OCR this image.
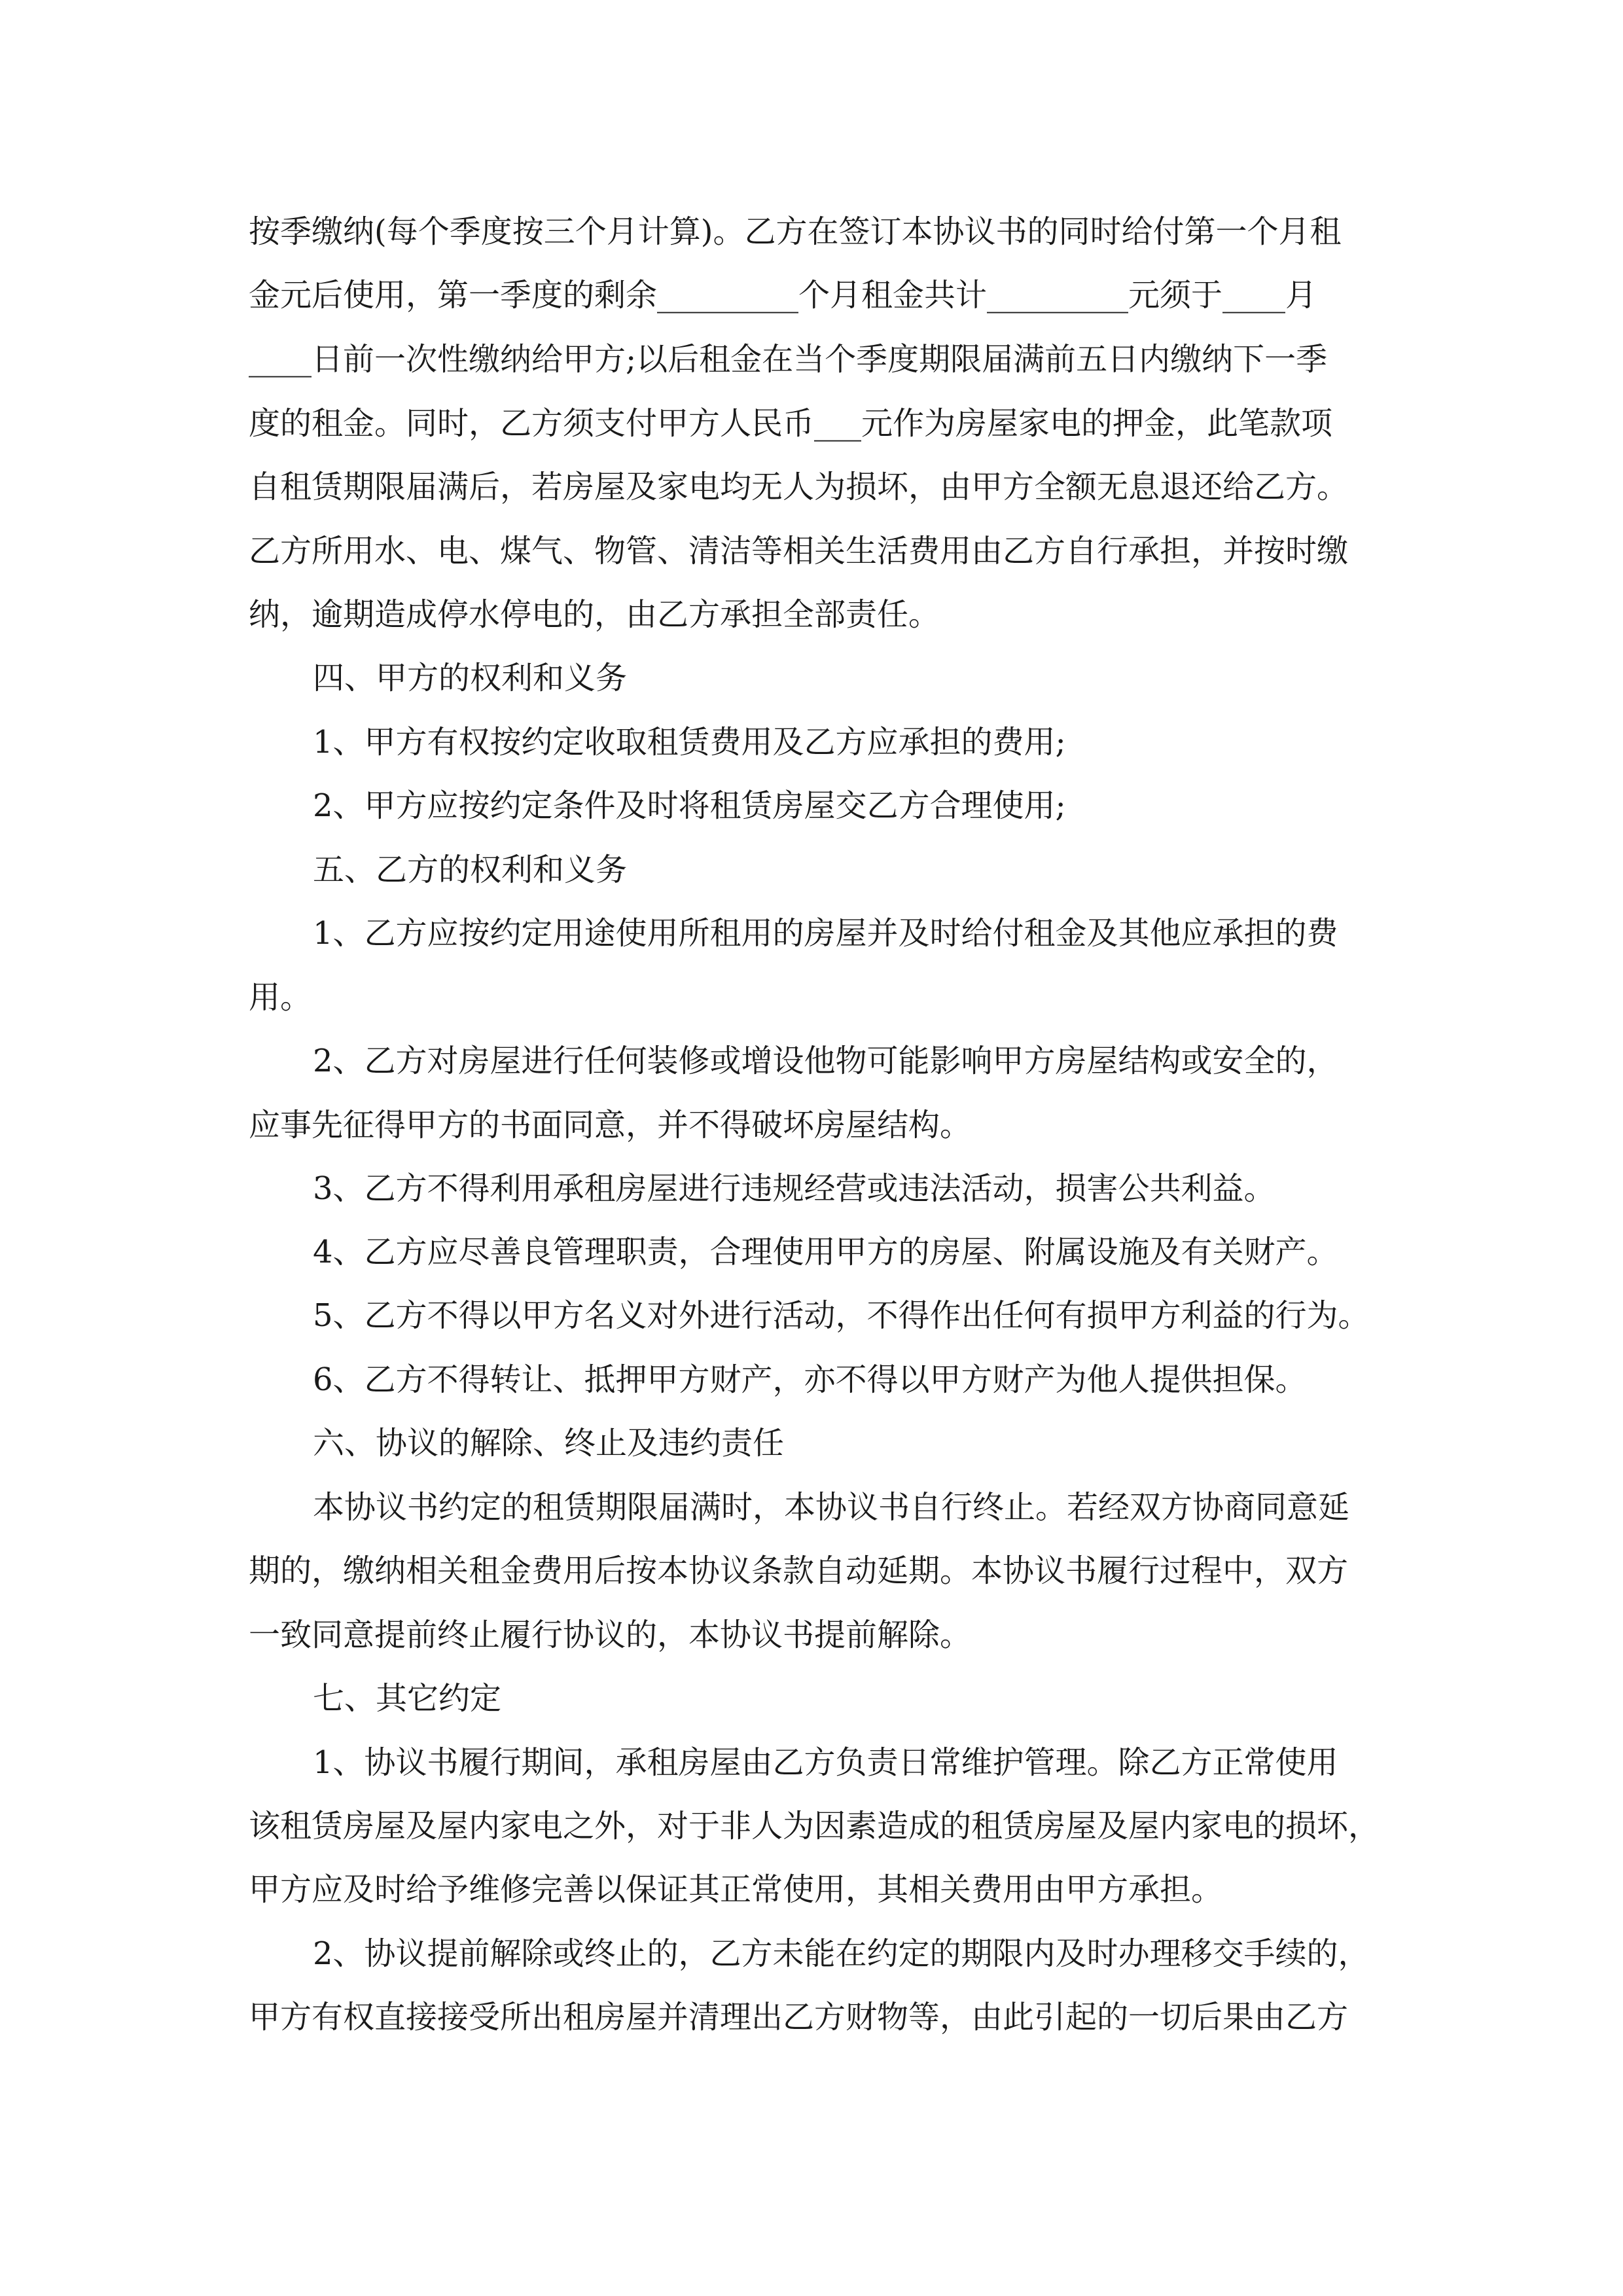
按季缴纳(每个季度按三个月计算)。乙方在签订本协议书的同时给付第一个月租
金元后使用，第一季度的剩余_________个月租金共计_________元须于____月
____日前一次性缴纳给甲方;以后租金在当个季度期限届满前五日内缴纳下一季
度的租金。同时，乙方须支付甲方人民币___元作为房屋家电的押金，此笔款项
自租赁期限届满后，若房屋及家电均无人为损坏，由甲方全额无息退还给乙方。
乙方所用水、电、煤气、物管、清洁等相关生活费用由乙方自行承担，并按时缴
纳，逾期造成停水停电的，由乙方承担全部责任。
四、甲方的权利和义务
1、甲方有权按约定收取租赁费用及乙方应承担的费用;
2、甲方应按约定条件及时将租赁房屋交乙方合理使用;
五、乙方的权利和义务
1、乙方应按约定用途使用所租用的房屋并及时给付租金及其他应承担的费
用。
2、乙方对房屋进行任何装修或增设他物可能影响甲方房屋结构或安全的，
应事先征得甲方的书面同意，并不得破坏房屋结构。
3、乙方不得利用承租房屋进行违规经营或违法活动，损害公共利益。
4、乙方应尽善良管理职责，合理使用甲方的房屋、附属设施及有关财产。
5、乙方不得以甲方名义对外进行活动，不得作出任何有损甲方利益的行为。
6、乙方不得转让、抵押甲方财产，亦不得以甲方财产为他人提供担保。
六、协议的解除、终止及违约责任
本协议书约定的租赁期限届满时，本协议书自行终止。若经双方协商同意延
期的，缴纳相关租金费用后按本协议条款自动延期。本协议书履行过程中，双方
一致同意提前终止履行协议的，本协议书提前解除。
七、其它约定
1、协议书履行期间，承租房屋由乙方负责日常维护管理。除乙方正常使用
该租赁房屋及屋内家电之外，对于非人为因素造成的租赁房屋及屋内家电的损坏，
甲方应及时给予维修完善以保证其正常使用，其相关费用由甲方承担。
2、协议提前解除或终止的，乙方未能在约定的期限内及时办理移交手续的，
甲方有权直接接受所出租房屋并清理出乙方财物等，由此引起的一切后果由乙方
